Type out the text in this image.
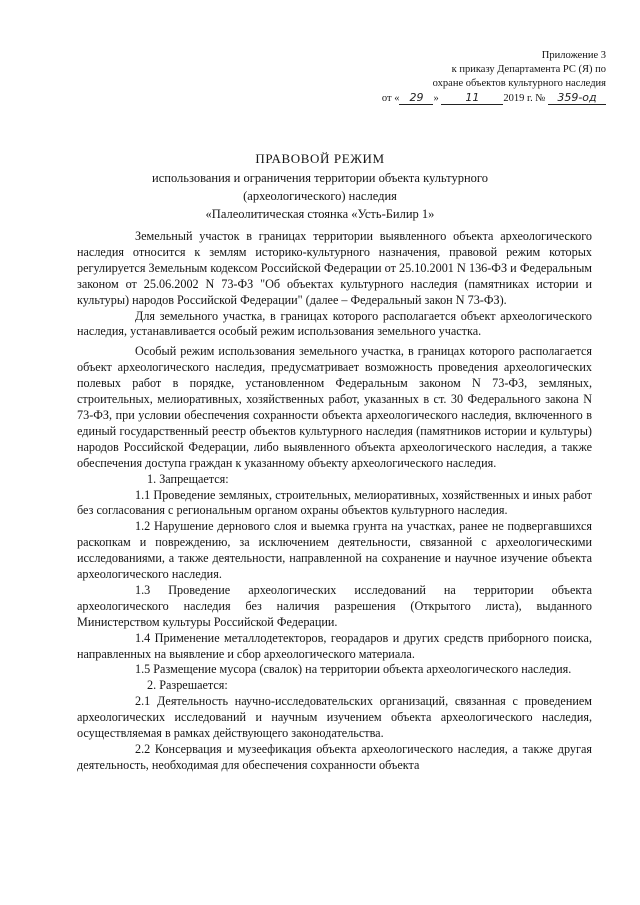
Приложение 3
к приказу Департамента РС (Я) по
охране объектов культурного наследия
от « 29 » 11 2019 г. № 359-од

ПРАВОВОЙ РЕЖИМ

использования и ограничения территории объекта культурного

(археологического) наследия

«Палеолитическая стоянка «Усть-Билир 1»

Земельный участок в границах территории выявленного объекта археологического наследия относится к землям историко-культурного назначения, правовой режим которых регулируется Земельным кодексом Российской Федерации от 25.10.2001 N 136-ФЗ и Федеральным законом от 25.06.2002 N 73-ФЗ "Об объектах культурного наследия (памятниках истории и культуры) народов Российской Федерации" (далее – Федеральный закон N 73-ФЗ).

Для земельного участка, в границах которого располагается объект археологического наследия, устанавливается особый режим использования земельного участка.

Особый режим использования земельного участка, в границах которого располагается объект археологического наследия, предусматривает возможность проведения археологических полевых работ в порядке, установленном Федеральным законом N 73-ФЗ, земляных, строительных, мелиоративных, хозяйственных работ, указанных в ст. 30 Федерального закона N 73-ФЗ, при условии обеспечения сохранности объекта археологического наследия, включенного в единый государственный реестр объектов культурного наследия (памятников истории и культуры) народов Российской Федерации, либо выявленного объекта археологического наследия, а также обеспечения доступа граждан к указанному объекту археологического наследия.

1. Запрещается:

1.1 Проведение земляных, строительных, мелиоративных, хозяйственных и иных работ без согласования с региональным органом охраны объектов культурного наследия.

1.2 Нарушение дернового слоя и выемка грунта на участках, ранее не подвергавшихся раскопкам и повреждению, за исключением деятельности, связанной с археологическими исследованиями, а также деятельности, направленной на сохранение и научное изучение объекта археологического наследия.

1.3 Проведение археологических исследований на территории объекта археологического наследия без наличия разрешения (Открытого листа), выданного Министерством культуры Российской Федерации.

1.4 Применение металлодетекторов, георадаров и других средств приборного поиска, направленных на выявление и сбор археологического материала.

1.5 Размещение мусора (свалок) на территории объекта археологического наследия.

2. Разрешается:

2.1 Деятельность научно-исследовательских организаций, связанная с проведением археологических исследований и научным изучением объекта археологического наследия, осуществляемая в рамках действующего законодательства.

2.2 Консервация и музеефикация объекта археологического наследия, а также другая деятельность, необходимая для обеспечения сохранности объекта
